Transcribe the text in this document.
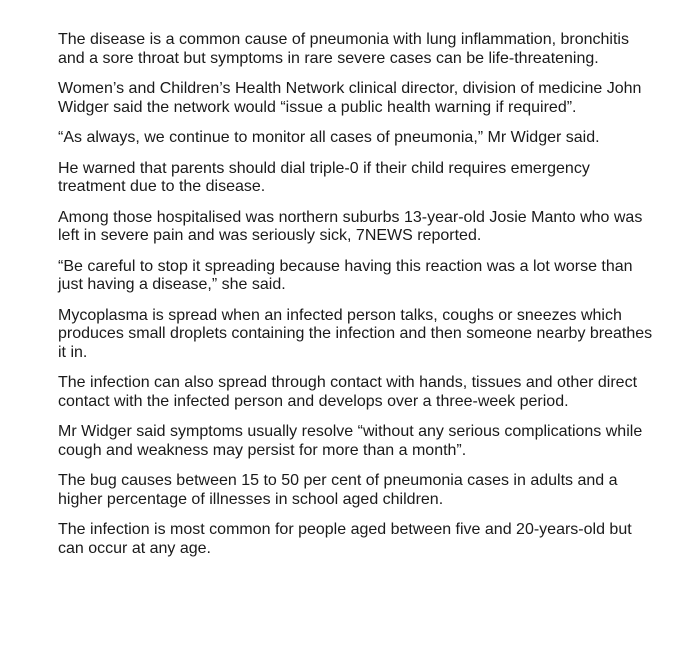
The disease is a common cause of pneumonia with lung inflammation, bronchitis and a sore throat but symptoms in rare severe cases can be life-threatening.

Women’s and Children’s Health Network clinical director, division of medicine John Widger said the network would “issue a public health warning if required”.

“As always, we continue to monitor all cases of pneumonia,” Mr Widger said.

He warned that parents should dial triple-0 if their child requires emergency treatment due to the disease.

Among those hospitalised was northern suburbs 13-year-old Josie Manto who was left in severe pain and was seriously sick, 7NEWS reported.

“Be careful to stop it spreading because having this reaction was a lot worse than just having a disease,” she said.

Mycoplasma is spread when an infected person talks, coughs or sneezes which produces small droplets containing the infection and then someone nearby breathes it in.

The infection can also spread through contact with hands, tissues and other direct contact with the infected person and develops over a three-week period.

Mr Widger said symptoms usually resolve “without any serious complications while cough and weakness may persist for more than a month”.

The bug causes between 15 to 50 per cent of pneumonia cases in adults and a higher percentage of illnesses in school aged children.

The infection is most common for people aged between five and 20-years-old but can occur at any age.
